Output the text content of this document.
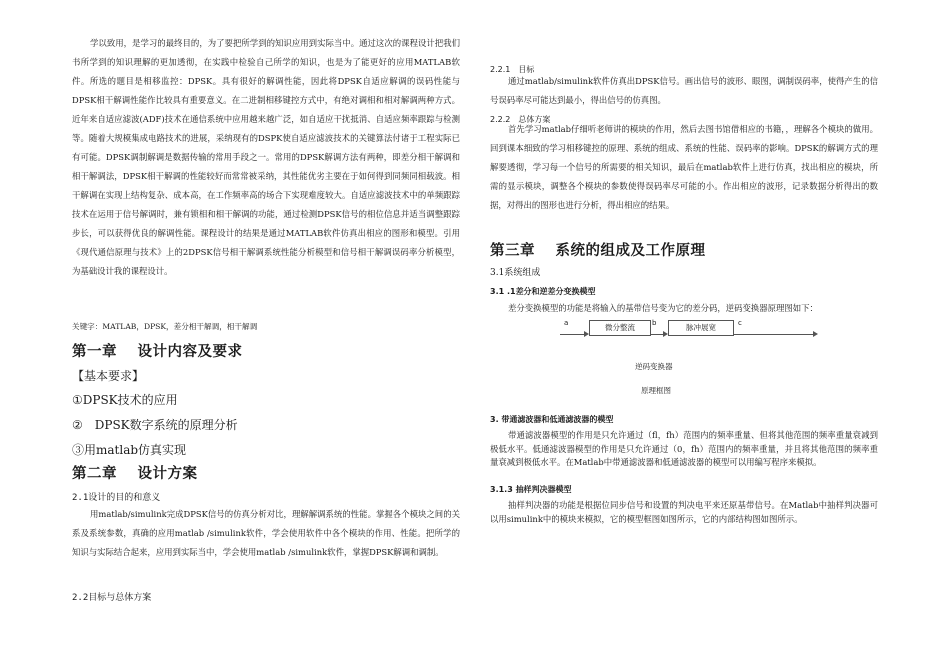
学以致用，是学习的最终目的，为了要把所学到的知识应用到实际当中。通过这次的课程设计把我们书所学到的知识理解的更加透彻，在实践中检验自己所学的知识，也是为了能更好的应用MATLAB软件。所选的题目是相移监控：DPSK。具有很好的解调性能，因此将DPSK自适应解调的误码性能与DPSK相干解调性能作比较具有重要意义。在二进制相移键控方式中，有绝对调相和相对解调两种方式。近年来自适应滤波(ADF)技术在通信系统中应用越来越广泛，如自适应干扰抵消、自适应频率跟踪与检测等。随着大规模集成电路技术的进展，采纳现有的DSPK使自适应滤波技术的关键算法付诸于工程实际已有可能。DPSK调制解调是数据传输的常用手段之一。常用的DPSK解调方法有两种，即差分相干解调和相干解调法，DPSK相干解调的性能较好而常常被采纳，其性能优劣主要在于如何得到同频同相载波。相干解调在实现上结构复杂、成本高，在工作频率高的场合下实现难度较大。自适应滤波技术中的单频跟踪技术在运用于信号解调时，兼有锁相和相干解调的功能，通过检测DPSK信号的相位信息并适当调整跟踪步长，可以获得优良的解调性能。课程设计的结果是通过MATLAB软件仿真出相应的图形和模型。引用《现代通信原理与技术》上的2DPSK信号相干解调系统性能分析模型和信号相干解调误码率分析模型，为基础设计我的课程设计。
关键字：MATLAB，DPSK，差分相干解调，相干解调
第一章　 设计内容及要求
【基本要求】
①DPSK技术的应用
②　DPSK数字系统的原理分析
③用matlab仿真实现
第二章　 设计方案
2.1设计的目的和意义
用matlab/simulink完成DPSK信号的仿真分析对比，理解解调系统的性能。掌握各个模块之间的关系及系统参数，真确的应用matlab /simulink软件，学会使用软件中各个模块的作用、性能。把所学的知识与实际结合起来，应用到实际当中，学会使用matlab /simulink软件，掌握DPSK解调和调制。
2.2目标与总体方案
2.2.1　目标
通过matlab/simulink软件仿真出DPSK信号。画出信号的波形、眼图，调制误码率，使得产生的信号误码率尽可能达到最小，得出信号的仿真图。
2.2.2　总体方案
首先学习matlab仔细听老师讲的模块的作用，然后去图书馆借相应的书籍，，理解各个模块的做用。回到课本细致的学习相移键控的原理、系统的组成、系统的性能、误码率的影响。DPSK的解调方式的理解要透彻，学习每一个信号的所需要的相关知识，最后在matlab软件上进行仿真，找出相应的模块，所需的显示模块，调整各个模块的参数使得误码率尽可能的小。作出相应的波形，记录数据分析得出的数据，对得出的图形也进行分析，得出相应的结果。
第三章　 系统的组成及工作原理
3.1系统组成
3.1 .1差分和逆差分变换模型
差分变换模型的功能是将输入的基带信号变为它的差分码，逆码变换器原理图如下：
a	微分整流	b	脉冲展宽	c
逆码变换器
原理框图
3. 带通滤波器和低通滤波器的模型
带通滤波器模型的作用是只允许通过（fl，fh）范围内的频率重量、但将其他范围的频率重量衰减到极低水平。低通滤波器模型的作用是只允许通过（0，fh）范围内的频率重量，并且将其他范围的频率重量衰减到极低水平。在Matlab中带通滤波器和低通滤波器的模型可以用编写程序来模拟。
3.1.3 抽样判决器模型
抽样判决器的功能是根据位同步信号和设置的判决电平来还原基带信号。在Matlab中抽样判决器可以用simulink中的模块来模拟，它的模型框图如图所示，它的内部结构图如图所示。
